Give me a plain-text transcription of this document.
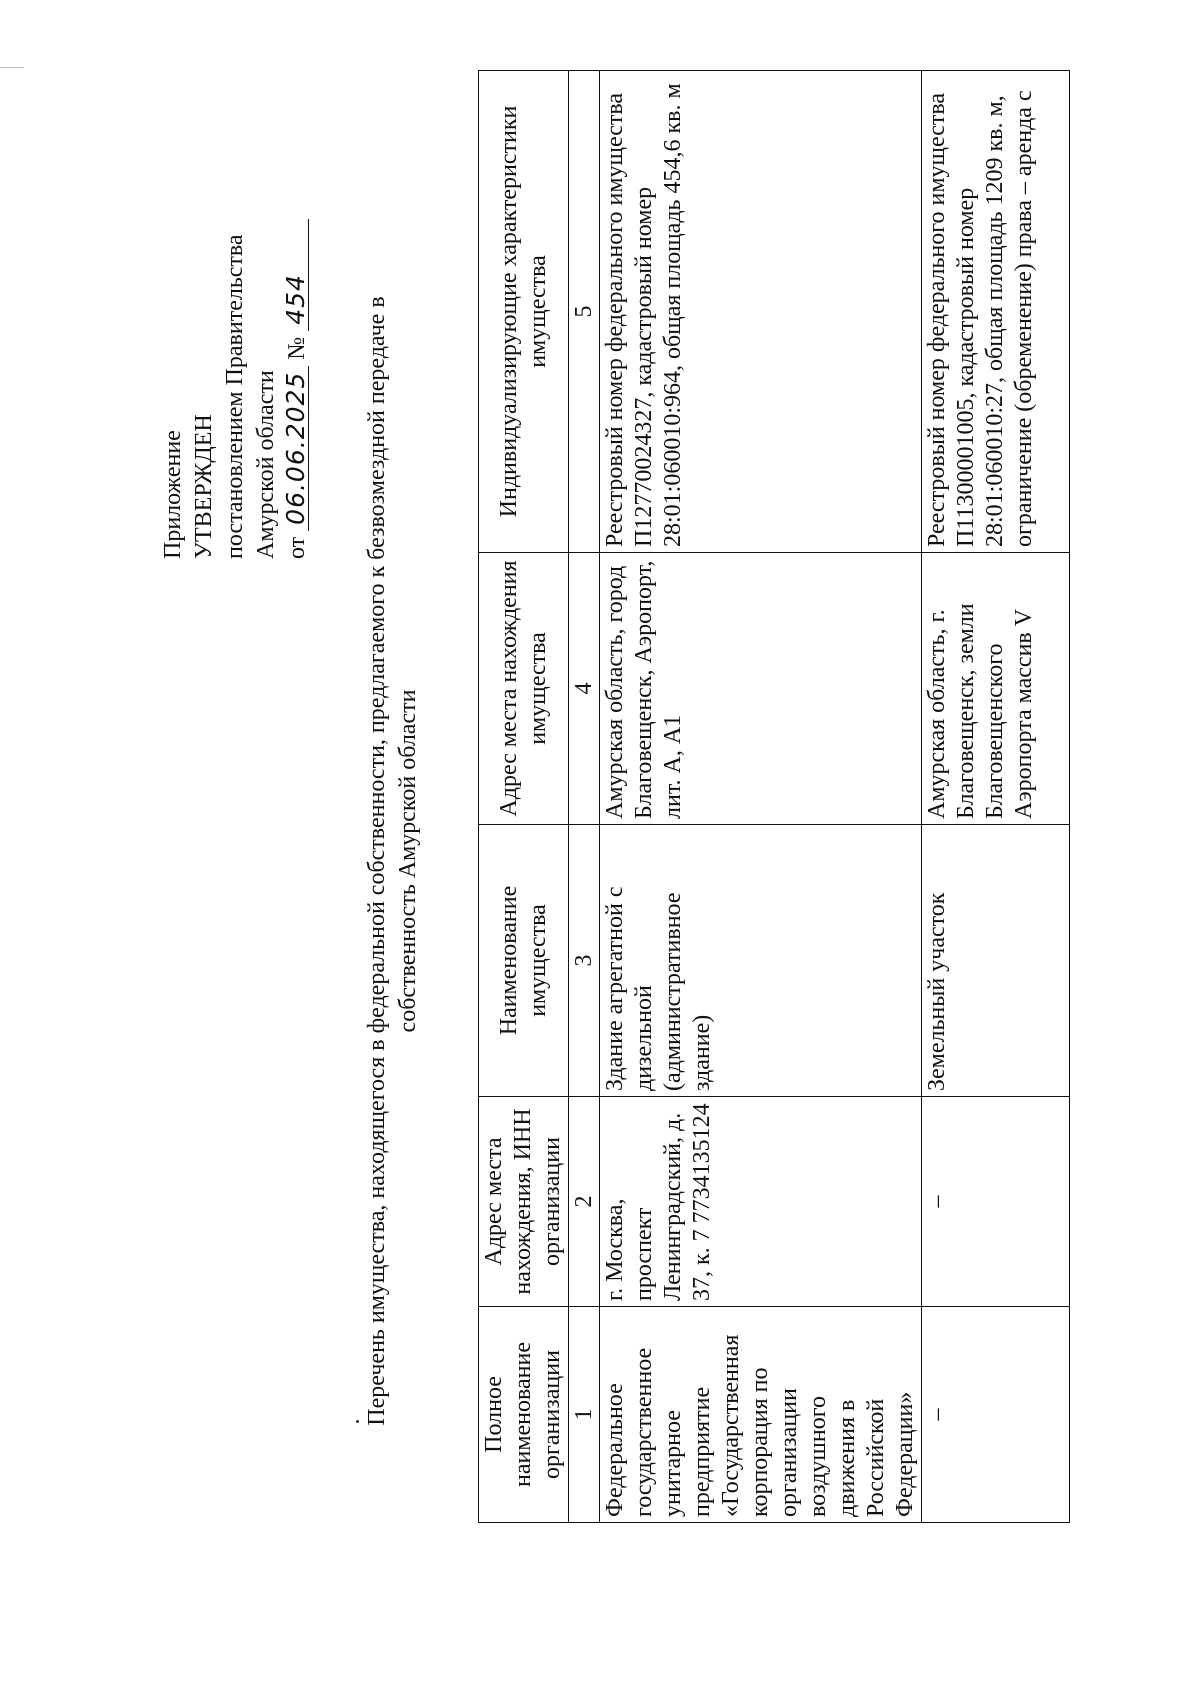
Приложение УТВЕРЖДЕН постановлением Правительства Амурской области от 06.06.2025 № 454 Перечень имущества, находящегося в федеральной собственности, предлагаемого к безвозмездной передаче в собственность Амурской области
Полное наименование организации	Адрес места нахождения, ИНН организации	Наименование имущества	Адрес места нахождения имущества	Индивидуализирующие характеристики имущества
1	2	3	4	5
Федеральное государственное унитарное предприятие «Государственная корпорация по организации воздушного движения в Российской Федерации»	г. Москва, проспект Ленинградский, д. 37, к. 7 7734135124	Здание агрегатной с дизельной (административное здание)	Амурская область, город Благовещенск, Аэропорт, лит. А, А1	Реестровый номер федерального имущества П12770024327, кадастровый номер 28:01:060010:964, общая площадь 454,6 кв. м
–	–	Земельный участок	Амурская область, г. Благовещенск, земли Благовещенского Аэропорта массив V	Реестровый номер федерального имущества П11300001005, кадастровый номер 28:01:060010:27, общая площадь 1209 кв. м, ограничение (обременение) права – аренда с
